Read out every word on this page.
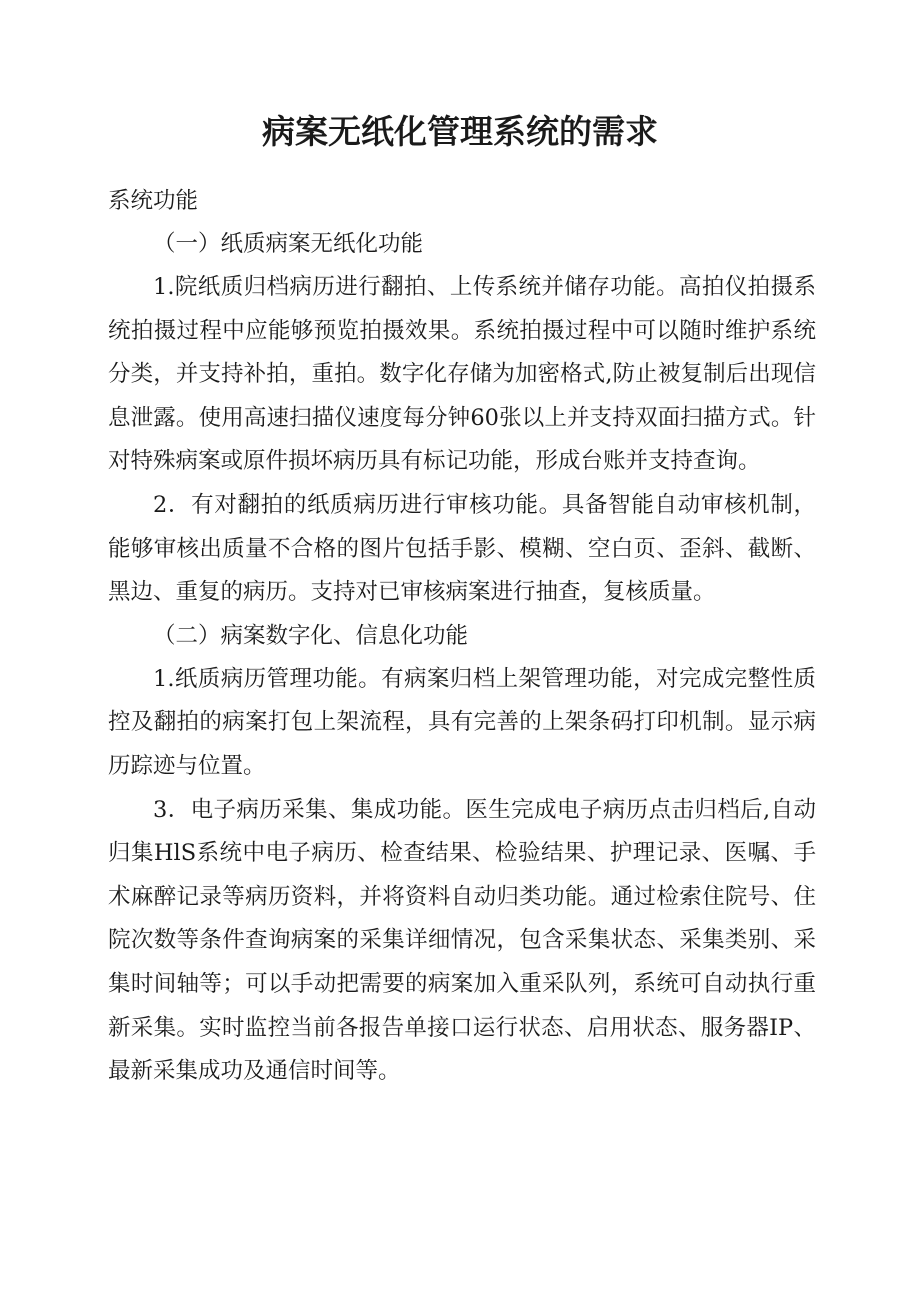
病案无纸化管理系统的需求

系统功能

（一）纸质病案无纸化功能

1.院纸质归档病历进行翻拍、上传系统并储存功能。高拍仪拍摄系统拍摄过程中应能够预览拍摄效果。系统拍摄过程中可以随时维护系统分类，并支持补拍，重拍。数字化存储为加密格式,防止被复制后出现信息泄露。使用高速扫描仪速度每分钟60张以上并支持双面扫描方式。针对特殊病案或原件损坏病历具有标记功能，形成台账并支持查询。

2．有对翻拍的纸质病历进行审核功能。具备智能自动审核机制，能够审核出质量不合格的图片包括手影、模糊、空白页、歪斜、截断、黑边、重复的病历。支持对已审核病案进行抽查，复核质量。

（二）病案数字化、信息化功能

1.纸质病历管理功能。有病案归档上架管理功能，对完成完整性质控及翻拍的病案打包上架流程，具有完善的上架条码打印机制。显示病历踪迹与位置。

3．电子病历采集、集成功能。医生完成电子病历点击归档后,自动归集HlS系统中电子病历、检查结果、检验结果、护理记录、医嘱、手术麻醉记录等病历资料，并将资料自动归类功能。通过检索住院号、住院次数等条件查询病案的采集详细情况，包含采集状态、采集类别、采集时间轴等；可以手动把需要的病案加入重采队列，系统可自动执行重新采集。实时监控当前各报告单接口运行状态、启用状态、服务器IP、最新采集成功及通信时间等。
